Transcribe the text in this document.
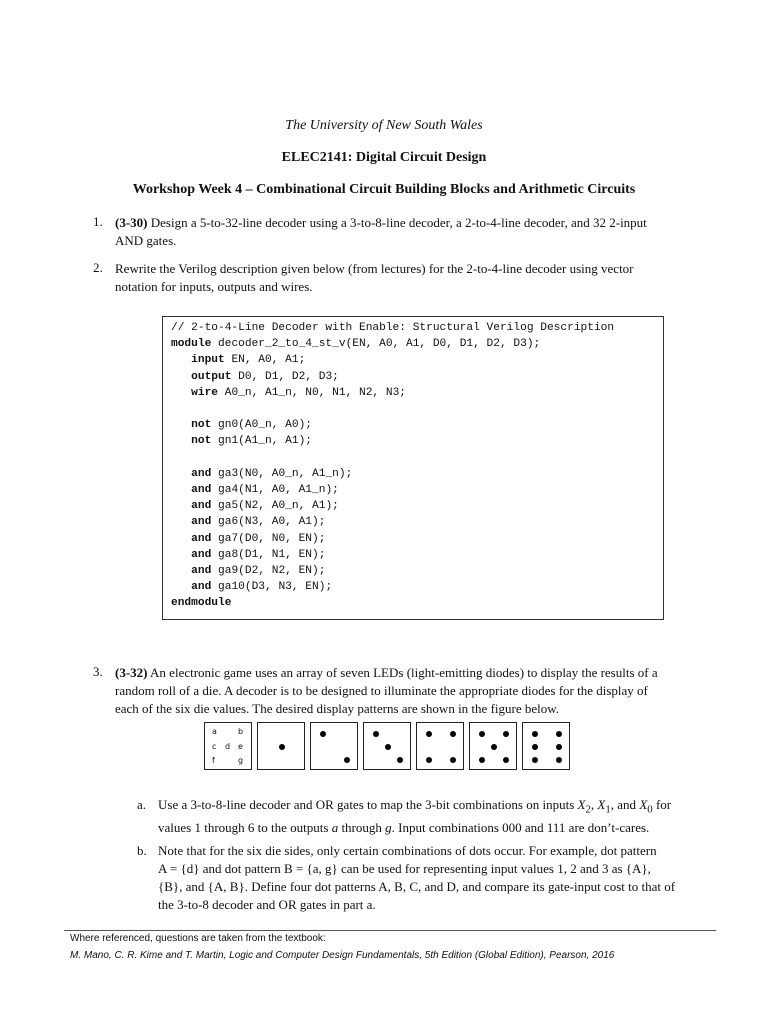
The University of New South Wales
ELEC2141: Digital Circuit Design
Workshop Week 4 – Combinational Circuit Building Blocks and Arithmetic Circuits
1. (3-30) Design a 5-to-32-line decoder using a 3-to-8-line decoder, a 2-to-4-line decoder, and 32 2-input
AND gates.
2. Rewrite the Verilog description given below (from lectures) for the 2-to-4-line decoder using vector
notation for inputs, outputs and wires.
// 2-to-4-Line Decoder with Enable: Structural Verilog Description
module decoder_2_to_4_st_v(EN, A0, A1, D0, D1, D2, D3);
input EN, A0, A1;
output D0, D1, D2, D3;
wire A0_n, A1_n, N0, N1, N2, N3;

not gn0(A0_n, A0);
not gn1(A1_n, A1);

and ga3(N0, A0_n, A1_n);
and ga4(N1, A0, A1_n);
and ga5(N2, A0_n, A1);
and ga6(N3, A0, A1);
and ga7(D0, N0, EN);
and ga8(D1, N1, EN);
and ga9(D2, N2, EN);
and ga10(D3, N3, EN);
endmodule
3. (3-32) An electronic game uses an array of seven LEDs (light-emitting diodes) to display the results of a
random roll of a die. A decoder is to be designed to illuminate the appropriate diodes for the display of
each of the six die values. The desired display patterns are shown in the figure below.
a	b
c d e
f	g
a. Use a 3-to-8-line decoder and OR gates to map the 3-bit combinations on inputs $X_2$, $X_1$, and $X_0$ for
values 1 through 6 to the outputs a through g. Input combinations 000 and 111 are don’t-cares.
b. Note that for the six die sides, only certain combinations of dots occur. For example, dot pattern
A = {d} and dot pattern B = {a, g} can be used for representing input values 1, 2 and 3 as {A},
{B}, and {A, B}. Define four dot patterns A, B, C, and D, and compare its gate-input cost to that of
the 3-to-8 decoder and OR gates in part a.
Where referenced, questions are taken from the textbook:
M. Mano, C. R. Kime and T. Martin, Logic and Computer Design Fundamentals, 5th Edition (Global Edition), Pearson, 2016
